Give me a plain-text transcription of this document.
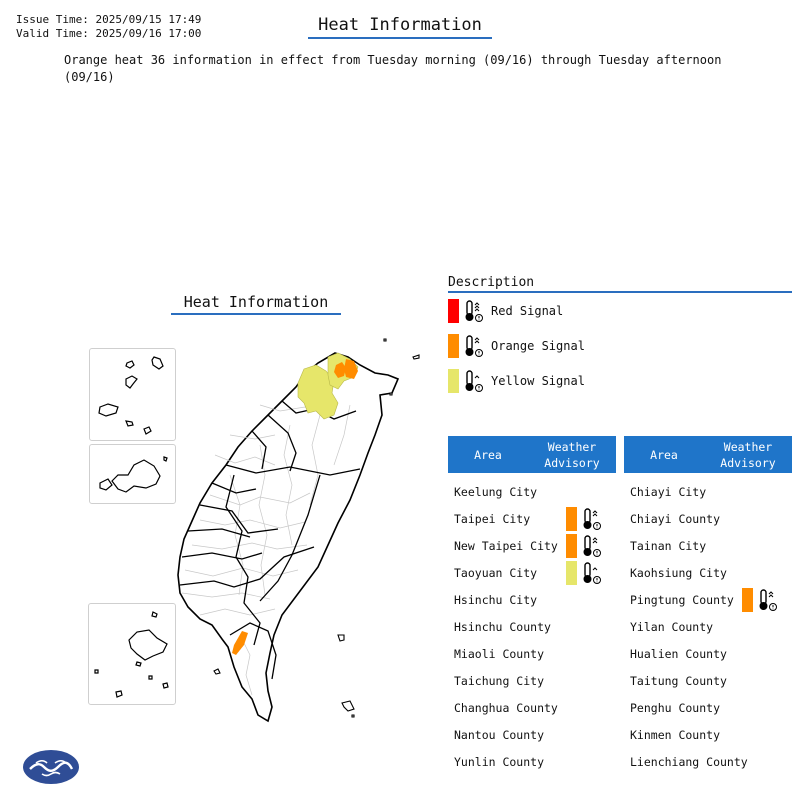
Issue Time: 2025/09/15 17:49
Valid Time: 2025/09/16 17:00	Heat Information
Orange heat 36 information in effect from Tuesday morning (09/16) through Tuesday afternoon (09/16)
Heat Information
Description
Red Signal
Orange Signal
Yellow Signal
Area
Weather
Advisory
Keelung City
Taipei City
New Taipei City
Taoyuan City
Hsinchu City
Hsinchu County
Miaoli County
Taichung City
Changhua County
Nantou County
Yunlin County
Area
Weather
Advisory
Chiayi City
Chiayi County
Tainan City
Kaohsiung City
Pingtung County
Yilan County
Hualien County
Taitung County
Penghu County
Kinmen County
Lienchiang County
